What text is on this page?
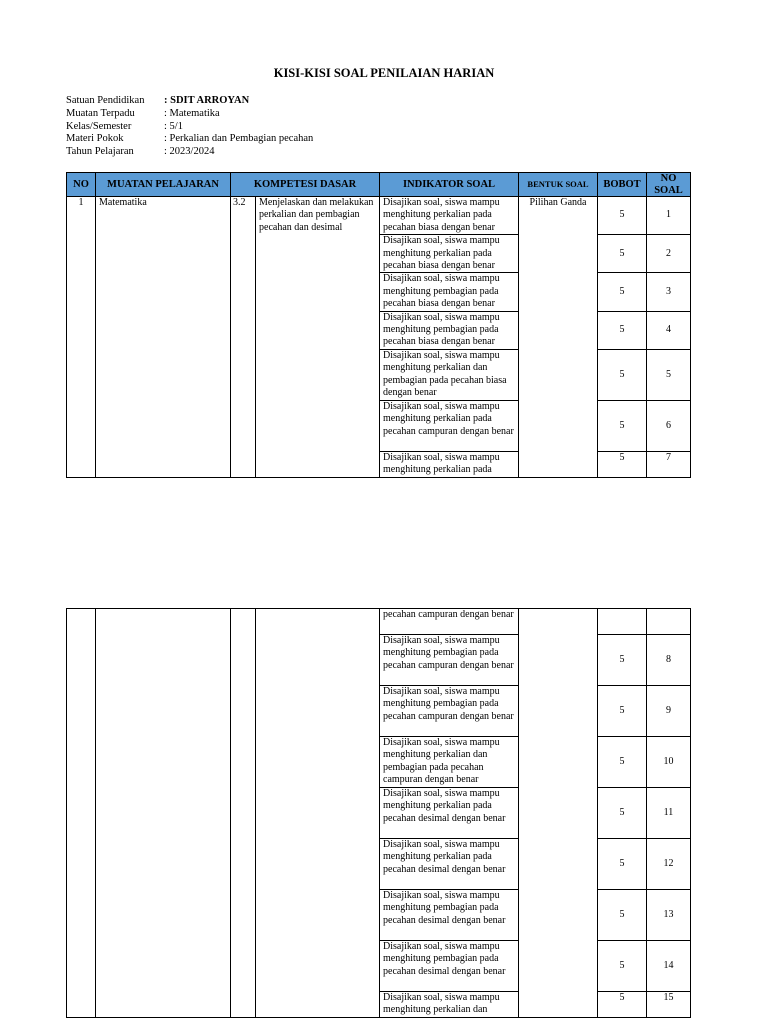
KISI-KISI SOAL PENILAIAN HARIAN
Satuan Pendidikan	: SDIT ARROYAN
Muatan Terpadu	: Matematika
Kelas/Semester	: 5/1
Materi Pokok	: Perkalian dan Pembagian pecahan
Tahun Pelajaran	: 2023/2024
NO	MUATAN PELAJARAN	KOMPETESI DASAR		INDIKATOR SOAL	BENTUK SOAL	BOBOT	NO SOAL
1	Matematika	3.2	Menjelaskan dan melakukan perkalian dan pembagian pecahan dan desimal	Disajikan soal, siswa mampu menghitung perkalian pada pecahan biasa dengan benar	Pilihan Ganda	5	1
				Disajikan soal, siswa mampu menghitung perkalian pada pecahan biasa dengan benar		5	2
				Disajikan soal, siswa mampu menghitung pembagian pada pecahan biasa dengan benar		5	3
				Disajikan soal, siswa mampu menghitung pembagian pada pecahan biasa dengan benar		5	4
				Disajikan soal, siswa mampu menghitung perkalian dan pembagian pada pecahan biasa dengan benar		5	5
				Disajikan soal, siswa mampu menghitung perkalian pada pecahan campuran dengan benar		5	6
				Disajikan soal, siswa mampu menghitung perkalian pada		5	7
				pecahan campuran dengan benar			
				Disajikan soal, siswa mampu menghitung pembagian pada pecahan campuran dengan benar		5	8
				Disajikan soal, siswa mampu menghitung pembagian pada pecahan campuran dengan benar		5	9
				Disajikan soal, siswa mampu menghitung perkalian dan pembagian pada pecahan campuran dengan benar		5	10
				Disajikan soal, siswa mampu menghitung perkalian pada pecahan desimal dengan benar		5	11
				Disajikan soal, siswa mampu menghitung perkalian pada pecahan desimal dengan benar		5	12
				Disajikan soal, siswa mampu menghitung pembagian pada pecahan desimal dengan benar		5	13
				Disajikan soal, siswa mampu menghitung pembagian pada pecahan desimal dengan benar		5	14
				Disajikan soal, siswa mampu menghitung perkalian dan		5	15
